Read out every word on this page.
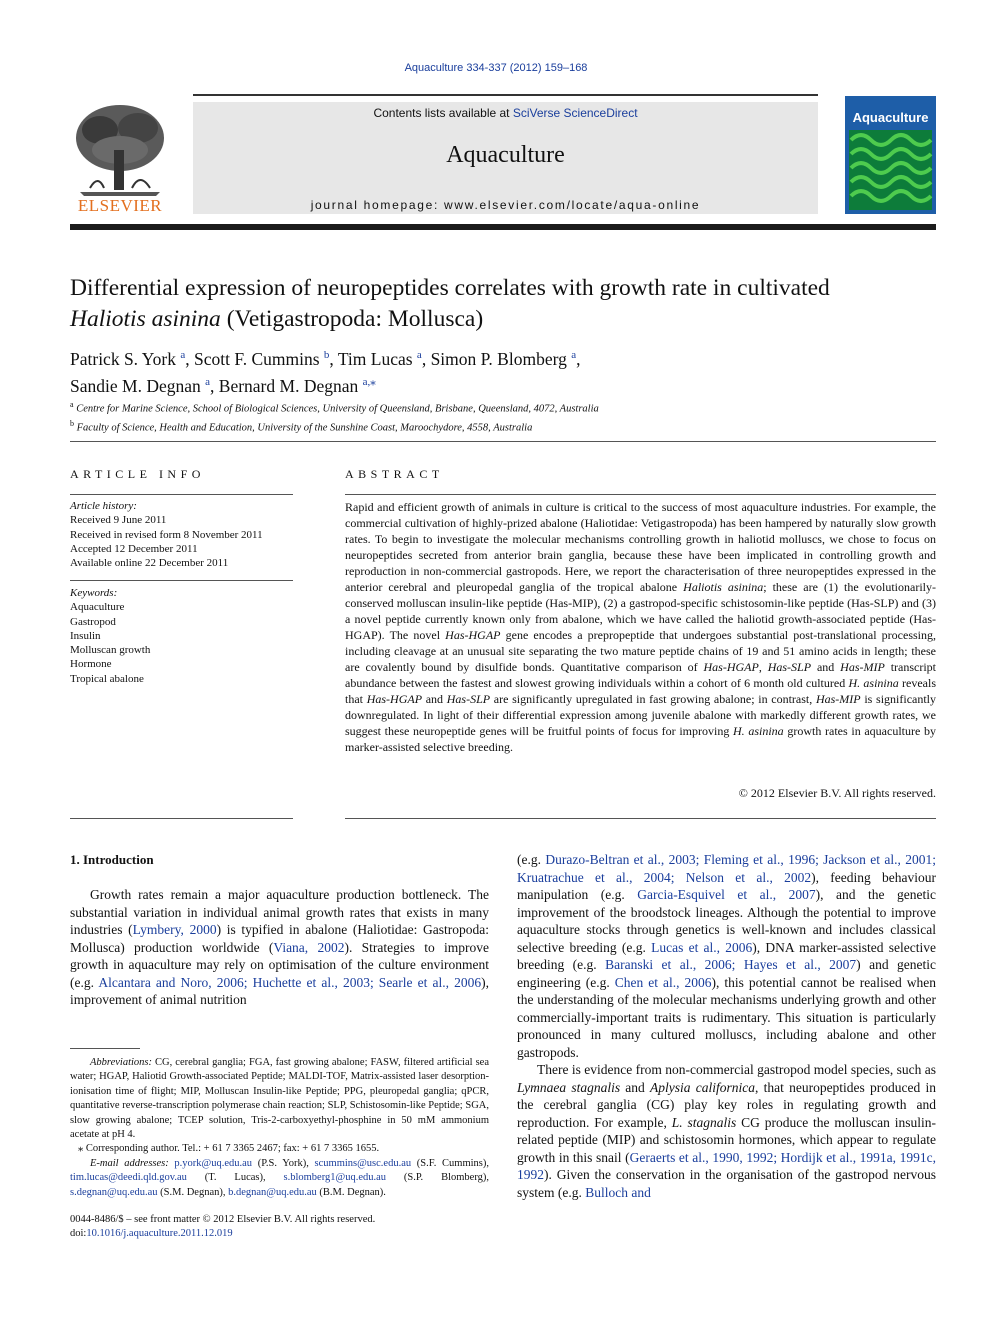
Aquaculture 334-337 (2012) 159–168
ELSEVIER
Contents lists available at SciVerse ScienceDirect
Aquaculture
journal homepage: www.elsevier.com/locate/aqua-online
Aquaculture
Differential expression of neuropeptides correlates with growth rate in cultivated
Haliotis asinina (Vetigastropoda: Mollusca)
Patrick S. York $^a$, Scott F. Cummins $^b$, Tim Lucas $^a$, Simon P. Blomberg $^a$,
Sandie M. Degnan $^a$, Bernard M. Degnan $^{a,⁎}$
$^a$ Centre for Marine Science, School of Biological Sciences, University of Queensland, Brisbane, Queensland, 4072, Australia
$^b$ Faculty of Science, Health and Education, University of the Sunshine Coast, Maroochydore, 4558, Australia
ARTICLE INFO
Article history:
Received 9 June 2011
Received in revised form 8 November 2011
Accepted 12 December 2011
Available online 22 December 2011
Keywords:
Aquaculture
Gastropod
Insulin
Molluscan growth
Hormone
Tropical abalone
ABSTRACT
Rapid and efficient growth of animals in culture is critical to the success of most aquaculture industries. For example, the commercial cultivation of highly-prized abalone (Haliotidae: Vetigastropoda) has been hampered by naturally slow growth rates. To begin to investigate the molecular mechanisms controlling growth in haliotid molluscs, we chose to focus on neuropeptides secreted from anterior brain ganglia, because these have been implicated in controlling growth and reproduction in non-commercial gastropods. Here, we report the characterisation of three neuropeptides expressed in the anterior cerebral and pleuropedal ganglia of the tropical abalone Haliotis asinina; these are (1) the evolutionarily-conserved molluscan insulin-like peptide (Has-MIP), (2) a gastropod-specific schistosomin-like peptide (Has-SLP) and (3) a novel peptide currently known only from abalone, which we have called the haliotid growth-associated peptide (Has-HGAP). The novel Has-HGAP gene encodes a prepropeptide that undergoes substantial post-translational processing, including cleavage at an unusual site separating the two mature peptide chains of 19 and 51 amino acids in length; these are covalently bound by disulfide bonds. Quantitative comparison of Has-HGAP, Has-SLP and Has-MIP transcript abundance between the fastest and slowest growing individuals within a cohort of 6 month old cultured H. asinina reveals that Has-HGAP and Has-SLP are significantly upregulated in fast growing abalone; in contrast, Has-MIP is significantly downregulated. In light of their differential expression among juvenile abalone with markedly different growth rates, we suggest these neuropeptide genes will be fruitful points of focus for improving H. asinina growth rates in aquaculture by marker-assisted selective breeding.
© 2012 Elsevier B.V. All rights reserved.
1. Introduction

Growth rates remain a major aquaculture production bottleneck. The substantial variation in individual animal growth rates that exists in many industries (Lymbery, 2000) is typified in abalone (Haliotidae: Gastropoda: Mollusca) production worldwide (Viana, 2002). Strategies to improve growth in aquaculture may rely on optimisation of the culture environment (e.g. Alcantara and Noro, 2006; Huchette et al., 2003; Searle et al., 2006), improvement of animal nutrition

(e.g. Durazo-Beltran et al., 2003; Fleming et al., 1996; Jackson et al., 2001; Kruatrachue et al., 2004; Nelson et al., 2002), feeding behaviour manipulation (e.g. Garcia-Esquivel et al., 2007), and the genetic improvement of the broodstock lineages. Although the potential to improve aquaculture stocks through genetics is well-known and includes classical selective breeding (e.g. Lucas et al., 2006), DNA marker-assisted selective breeding (e.g. Baranski et al., 2006; Hayes et al., 2007) and genetic engineering (e.g. Chen et al., 2006), this potential cannot be realised when the understanding of the molecular mechanisms underlying growth and other commercially-important traits is rudimentary. This situation is particularly pronounced in many cultured molluscs, including abalone and other gastropods.

There is evidence from non-commercial gastropod model species, such as Lymnaea stagnalis and Aplysia californica, that neuropeptides produced in the cerebral ganglia (CG) play key roles in regulating growth and reproduction. For example, L. stagnalis CG produce the molluscan insulin-related peptide (MIP) and schistosomin hormones, which appear to regulate growth in this snail (Geraerts et al., 1990, 1992; Hordijk et al., 1991a, 1991c, 1992). Given the conservation in the organisation of the gastropod nervous system (e.g. Bulloch and

Abbreviations: CG, cerebral ganglia; FGA, fast growing abalone; FASW, filtered artificial sea water; HGAP, Haliotid Growth-associated Peptide; MALDI-TOF, Matrix-assisted laser desorption-ionisation time of flight; MIP, Molluscan Insulin-like Peptide; PPG, pleuropedal ganglia; qPCR, quantitative reverse-transcription polymerase chain reaction; SLP, Schistosomin-like Peptide; SGA, slow growing abalone; TCEP solution, Tris-2-carboxyethyl-phosphine in 50 mM ammonium acetate at pH 4.
⁎ Corresponding author. Tel.: + 61 7 3365 2467; fax: + 61 7 3365 1655.
E-mail addresses: p.york@uq.edu.au (P.S. York), scummins@usc.edu.au (S.F. Cummins), tim.lucas@deedi.qld.gov.au (T. Lucas), s.blomberg1@uq.edu.au (S.P. Blomberg), s.degnan@uq.edu.au (S.M. Degnan), b.degnan@uq.edu.au (B.M. Degnan).
0044-8486/$ – see front matter © 2012 Elsevier B.V. All rights reserved.
doi:10.1016/j.aquaculture.2011.12.019
